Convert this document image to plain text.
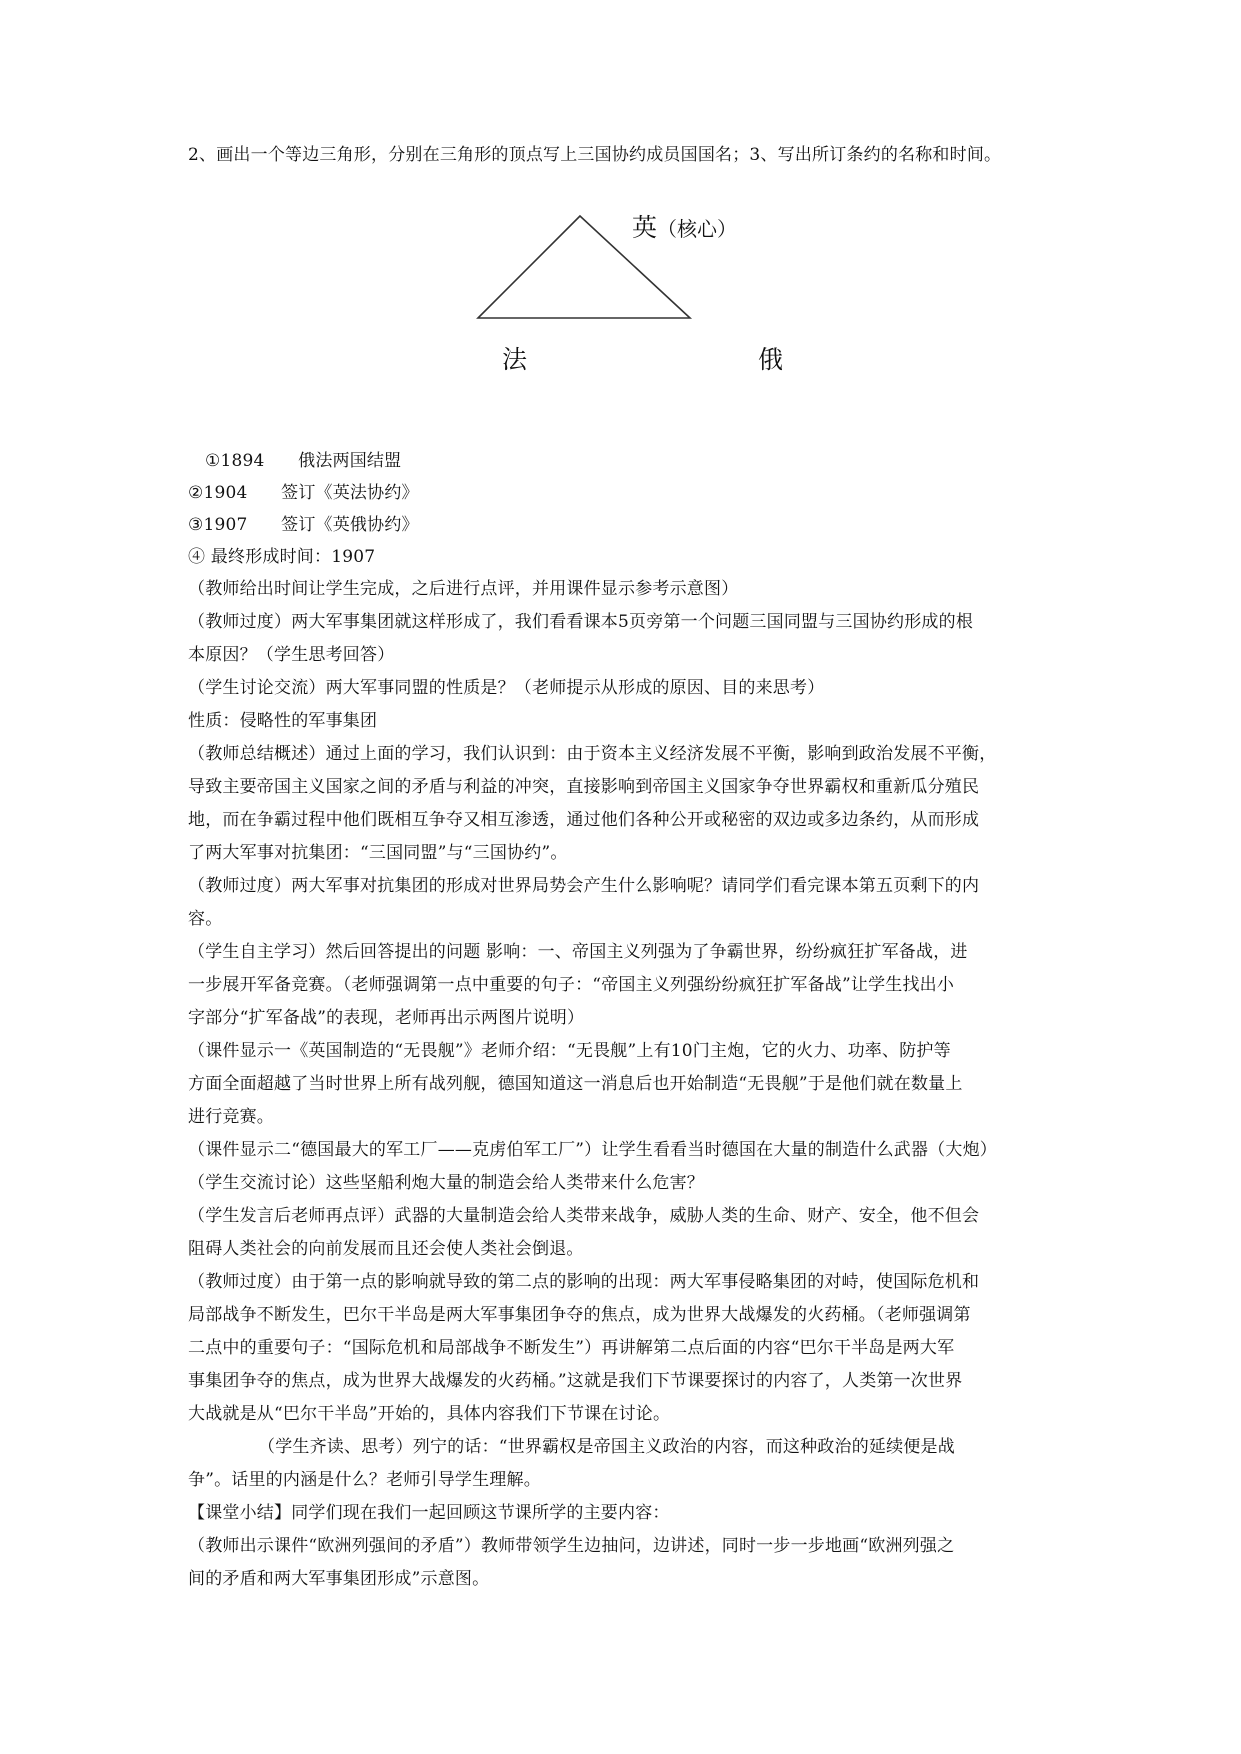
2、画出一个等边三角形，分别在三角形的顶点写上三国协约成员国国名；3、写出所订条约的名称和时间。
英（核心）
法	俄
①1894 俄法两国结盟
②1904 签订《英法协约》
③1907 签订《英俄协约》
④ 最终形成时间：1907
（教师给出时间让学生完成，之后进行点评，并用课件显示参考示意图）
（教师过度）两大军事集团就这样形成了，我们看看课本5页旁第一个问题三国同盟与三国协约形成的根
本原因？（学生思考回答）
（学生讨论交流）两大军事同盟的性质是？（老师提示从形成的原因、目的来思考）
性质：侵略性的军事集团
（教师总结概述）通过上面的学习，我们认识到：由于资本主义经济发展不平衡，影响到政治发展不平衡，
导致主要帝国主义国家之间的矛盾与利益的冲突，直接影响到帝国主义国家争夺世界霸权和重新瓜分殖民
地，而在争霸过程中他们既相互争夺又相互渗透，通过他们各种公开或秘密的双边或多边条约，从而形成
了两大军事对抗集团：“三国同盟”与“三国协约”。
（教师过度）两大军事对抗集团的形成对世界局势会产生什么影响呢？请同学们看完课本第五页剩下的内
容。
（学生自主学习）然后回答提出的问题 影响：一、帝国主义列强为了争霸世界，纷纷疯狂扩军备战，进
一步展开军备竞赛。（老师强调第一点中重要的句子：“帝国主义列强纷纷疯狂扩军备战”让学生找出小
字部分“扩军备战”的表现，老师再出示两图片说明）
（课件显示一《英国制造的“无畏舰”》老师介绍：“无畏舰”上有10门主炮，它的火力、功率、防护等
方面全面超越了当时世界上所有战列舰，德国知道这一消息后也开始制造“无畏舰”于是他们就在数量上
进行竞赛。
（课件显示二“德国最大的军工厂——克虏伯军工厂”）让学生看看当时德国在大量的制造什么武器（大炮）
（学生交流讨论）这些坚船利炮大量的制造会给人类带来什么危害？
（学生发言后老师再点评）武器的大量制造会给人类带来战争，威胁人类的生命、财产、安全，他不但会
阻碍人类社会的向前发展而且还会使人类社会倒退。
（教师过度）由于第一点的影响就导致的第二点的影响的出现：两大军事侵略集团的对峙，使国际危机和
局部战争不断发生，巴尔干半岛是两大军事集团争夺的焦点，成为世界大战爆发的火药桶。（老师强调第
二点中的重要句子：“国际危机和局部战争不断发生”）再讲解第二点后面的内容“巴尔干半岛是两大军
事集团争夺的焦点，成为世界大战爆发的火药桶。”这就是我们下节课要探讨的内容了，人类第一次世界
大战就是从“巴尔干半岛”开始的，具体内容我们下节课在讨论。
（学生齐读、思考）列宁的话：“世界霸权是帝国主义政治的内容，而这种政治的延续便是战
争”。话里的内涵是什么？老师引导学生理解。
【课堂小结】同学们现在我们一起回顾这节课所学的主要内容：
（教师出示课件“欧洲列强间的矛盾”）教师带领学生边抽问，边讲述，同时一步一步地画“欧洲列强之
间的矛盾和两大军事集团形成”示意图。
